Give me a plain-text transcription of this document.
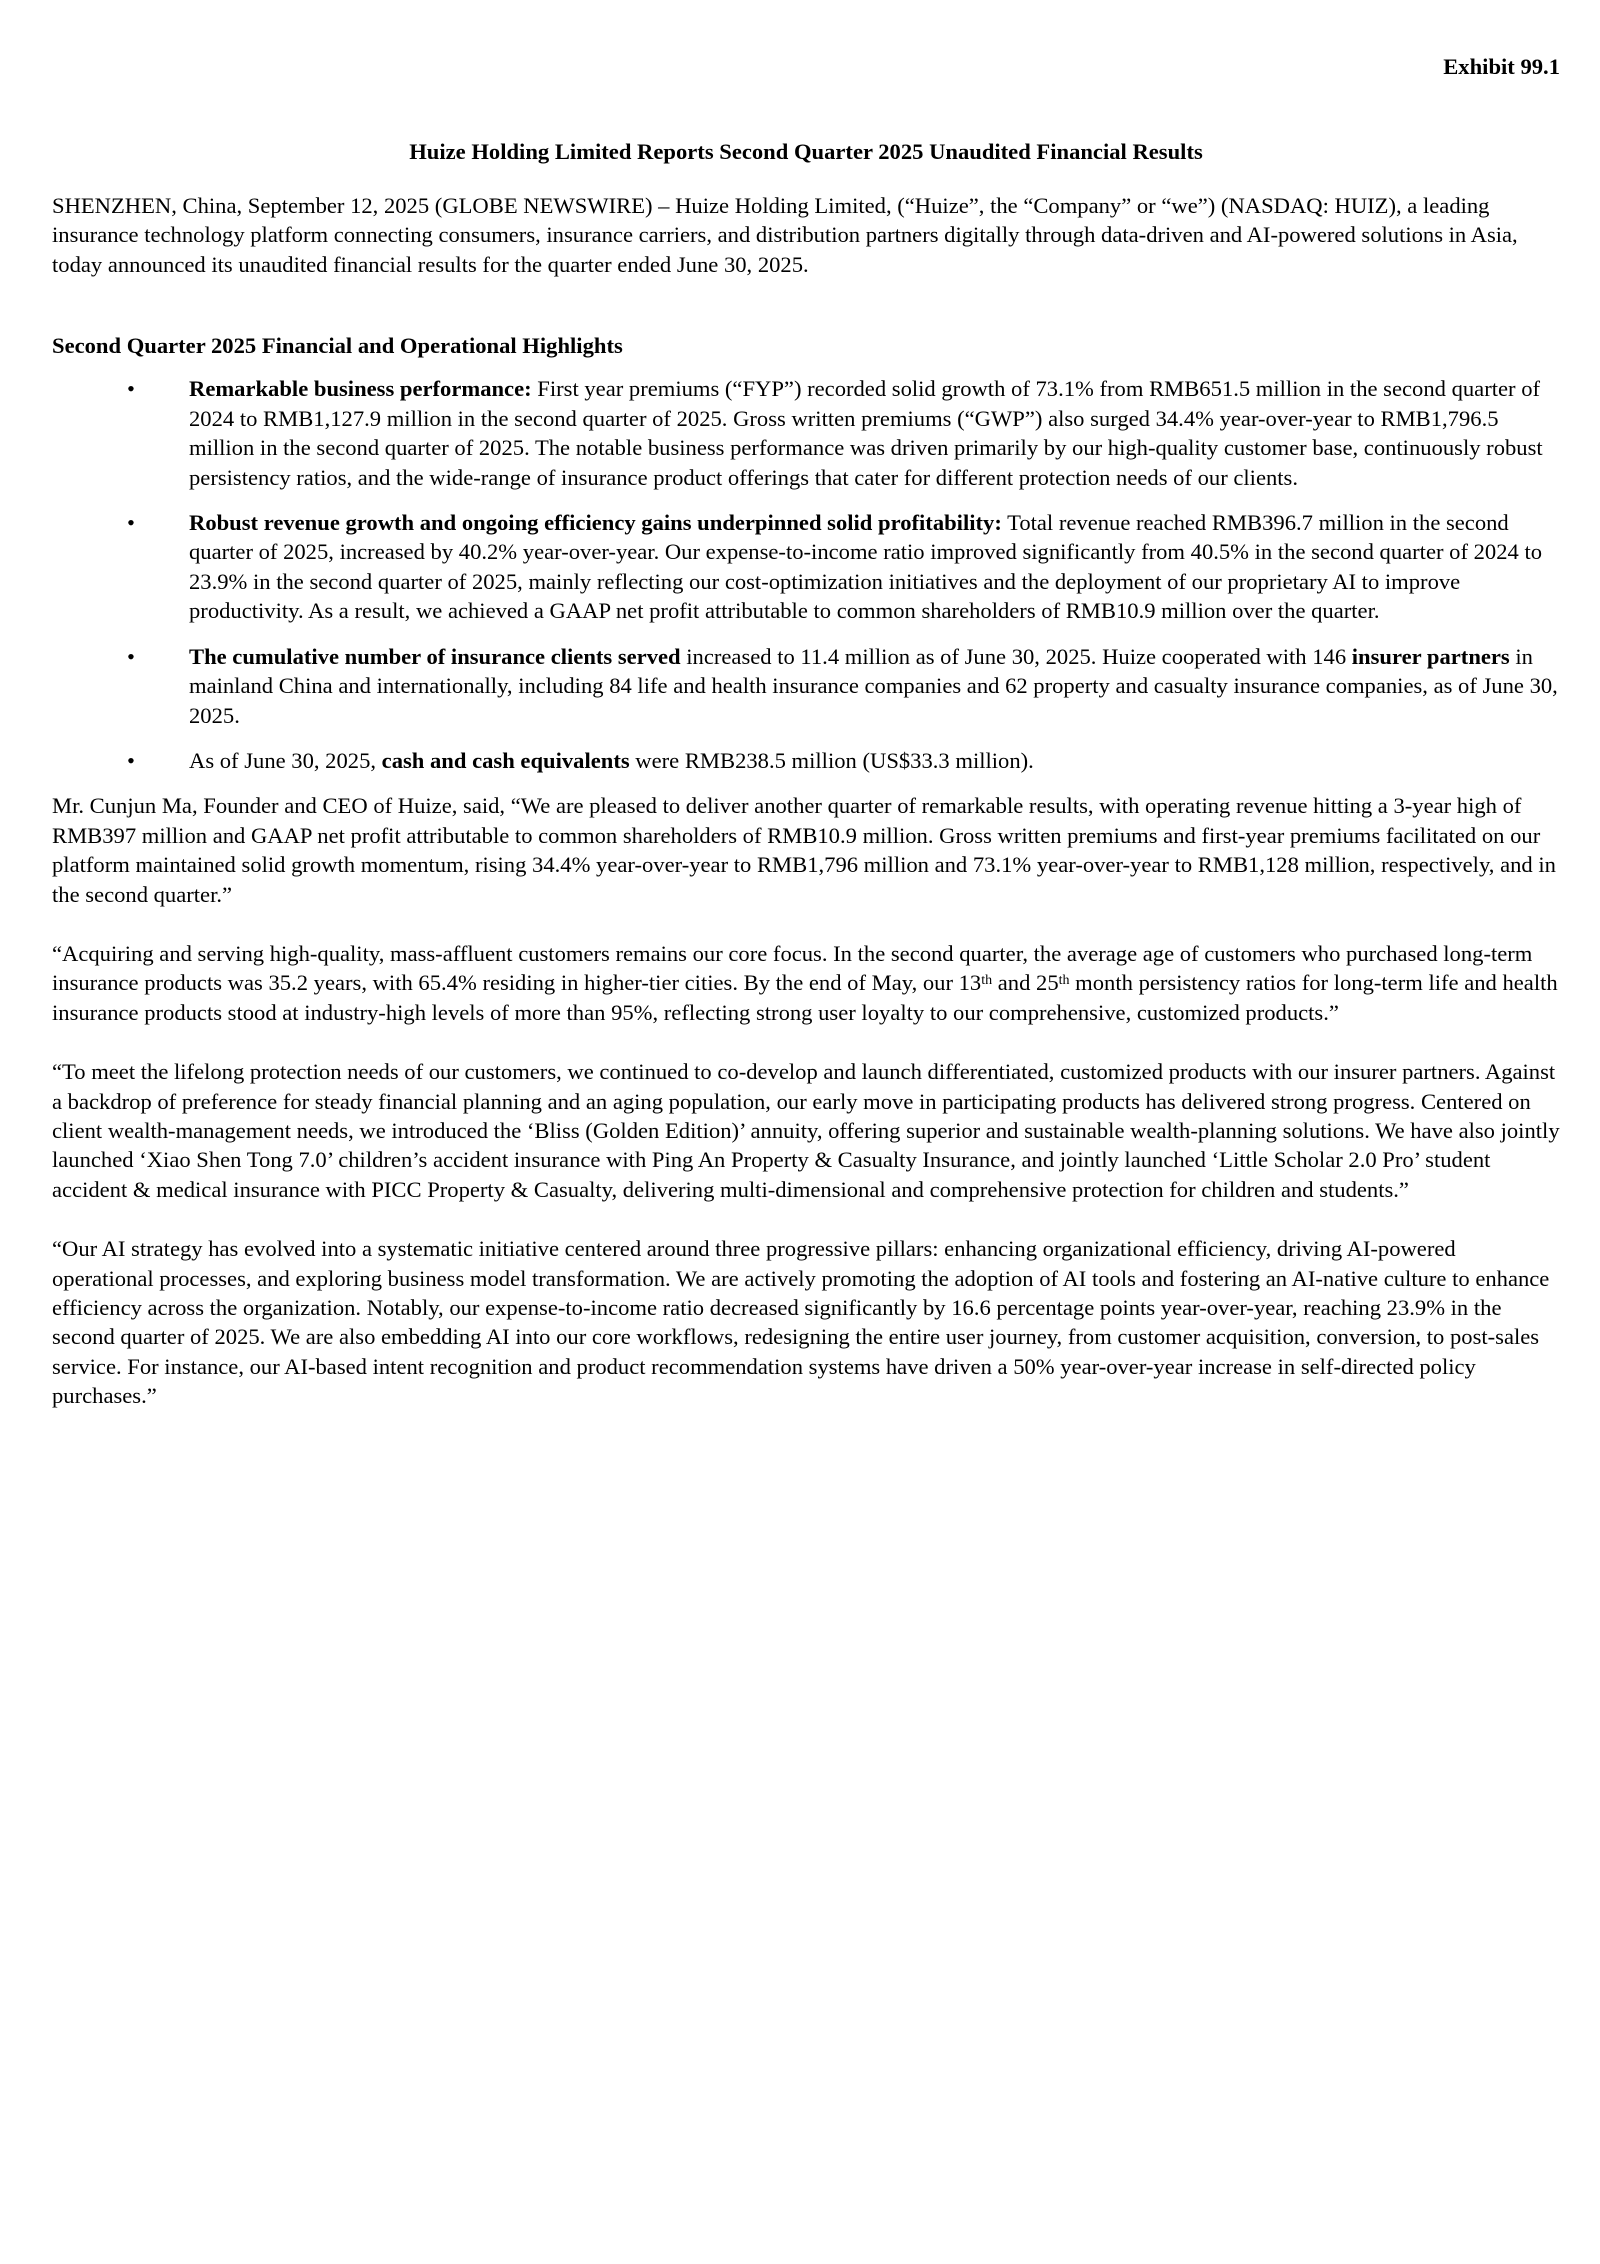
Exhibit 99.1

Huize Holding Limited Reports Second Quarter 2025 Unaudited Financial Results

SHENZHEN, China, September 12, 2025 (GLOBE NEWSWIRE) – Huize Holding Limited, (“Huize”, the “Company” or “we”) (NASDAQ: HUIZ), a leading insurance technology platform connecting consumers, insurance carriers, and distribution partners digitally through data-driven and AI-powered solutions in Asia, today announced its unaudited financial results for the quarter ended June 30, 2025.

Second Quarter 2025 Financial and Operational Highlights

• Remarkable business performance: First year premiums (“FYP”) recorded solid growth of 73.1% from RMB651.5 million in the second quarter of 2024 to RMB1,127.9 million in the second quarter of 2025. Gross written premiums (“GWP”) also surged 34.4% year-over-year to RMB1,796.5 million in the second quarter of 2025. The notable business performance was driven primarily by our high-quality customer base, continuously robust persistency ratios, and the wide-range of insurance product offerings that cater for different protection needs of our clients.
• Robust revenue growth and ongoing efficiency gains underpinned solid profitability: Total revenue reached RMB396.7 million in the second quarter of 2025, increased by 40.2% year-over-year. Our expense-to-income ratio improved significantly from 40.5% in the second quarter of 2024 to 23.9% in the second quarter of 2025, mainly reflecting our cost-optimization initiatives and the deployment of our proprietary AI to improve productivity. As a result, we achieved a GAAP net profit attributable to common shareholders of RMB10.9 million over the quarter.
• The cumulative number of insurance clients served increased to 11.4 million as of June 30, 2025. Huize cooperated with 146 insurer partners in mainland China and internationally, including 84 life and health insurance companies and 62 property and casualty insurance companies, as of June 30, 2025.
• As of June 30, 2025, cash and cash equivalents were RMB238.5 million (US$33.3 million).

Mr. Cunjun Ma, Founder and CEO of Huize, said, “We are pleased to deliver another quarter of remarkable results, with operating revenue hitting a 3-year high of RMB397 million and GAAP net profit attributable to common shareholders of RMB10.9 million. Gross written premiums and first-year premiums facilitated on our platform maintained solid growth momentum, rising 34.4% year-over-year to RMB1,796 million and 73.1% year-over-year to RMB1,128 million, respectively, and in the second quarter.”

“Acquiring and serving high-quality, mass-affluent customers remains our core focus. In the second quarter, the average age of customers who purchased long-term insurance products was 35.2 years, with 65.4% residing in higher-tier cities. By the end of May, our 13th and 25th month persistency ratios for long-term life and health insurance products stood at industry-high levels of more than 95%, reflecting strong user loyalty to our comprehensive, customized products.”

“To meet the lifelong protection needs of our customers, we continued to co-develop and launch differentiated, customized products with our insurer partners. Against a backdrop of preference for steady financial planning and an aging population, our early move in participating products has delivered strong progress. Centered on client wealth-management needs, we introduced the ‘Bliss (Golden Edition)’ annuity, offering superior and sustainable wealth-planning solutions. We have also jointly launched ‘Xiao Shen Tong 7.0’ children’s accident insurance with Ping An Property & Casualty Insurance, and jointly launched ‘Little Scholar 2.0 Pro’ student accident & medical insurance with PICC Property & Casualty, delivering multi-dimensional and comprehensive protection for children and students.”

“Our AI strategy has evolved into a systematic initiative centered around three progressive pillars: enhancing organizational efficiency, driving AI-powered operational processes, and exploring business model transformation. We are actively promoting the adoption of AI tools and fostering an AI-native culture to enhance efficiency across the organization. Notably, our expense-to-income ratio decreased significantly by 16.6 percentage points year-over-year, reaching 23.9% in the second quarter of 2025. We are also embedding AI into our core workflows, redesigning the entire user journey, from customer acquisition, conversion, to post-sales service. For instance, our AI-based intent recognition and product recommendation systems have driven a 50% year-over-year increase in self-directed policy purchases.”
